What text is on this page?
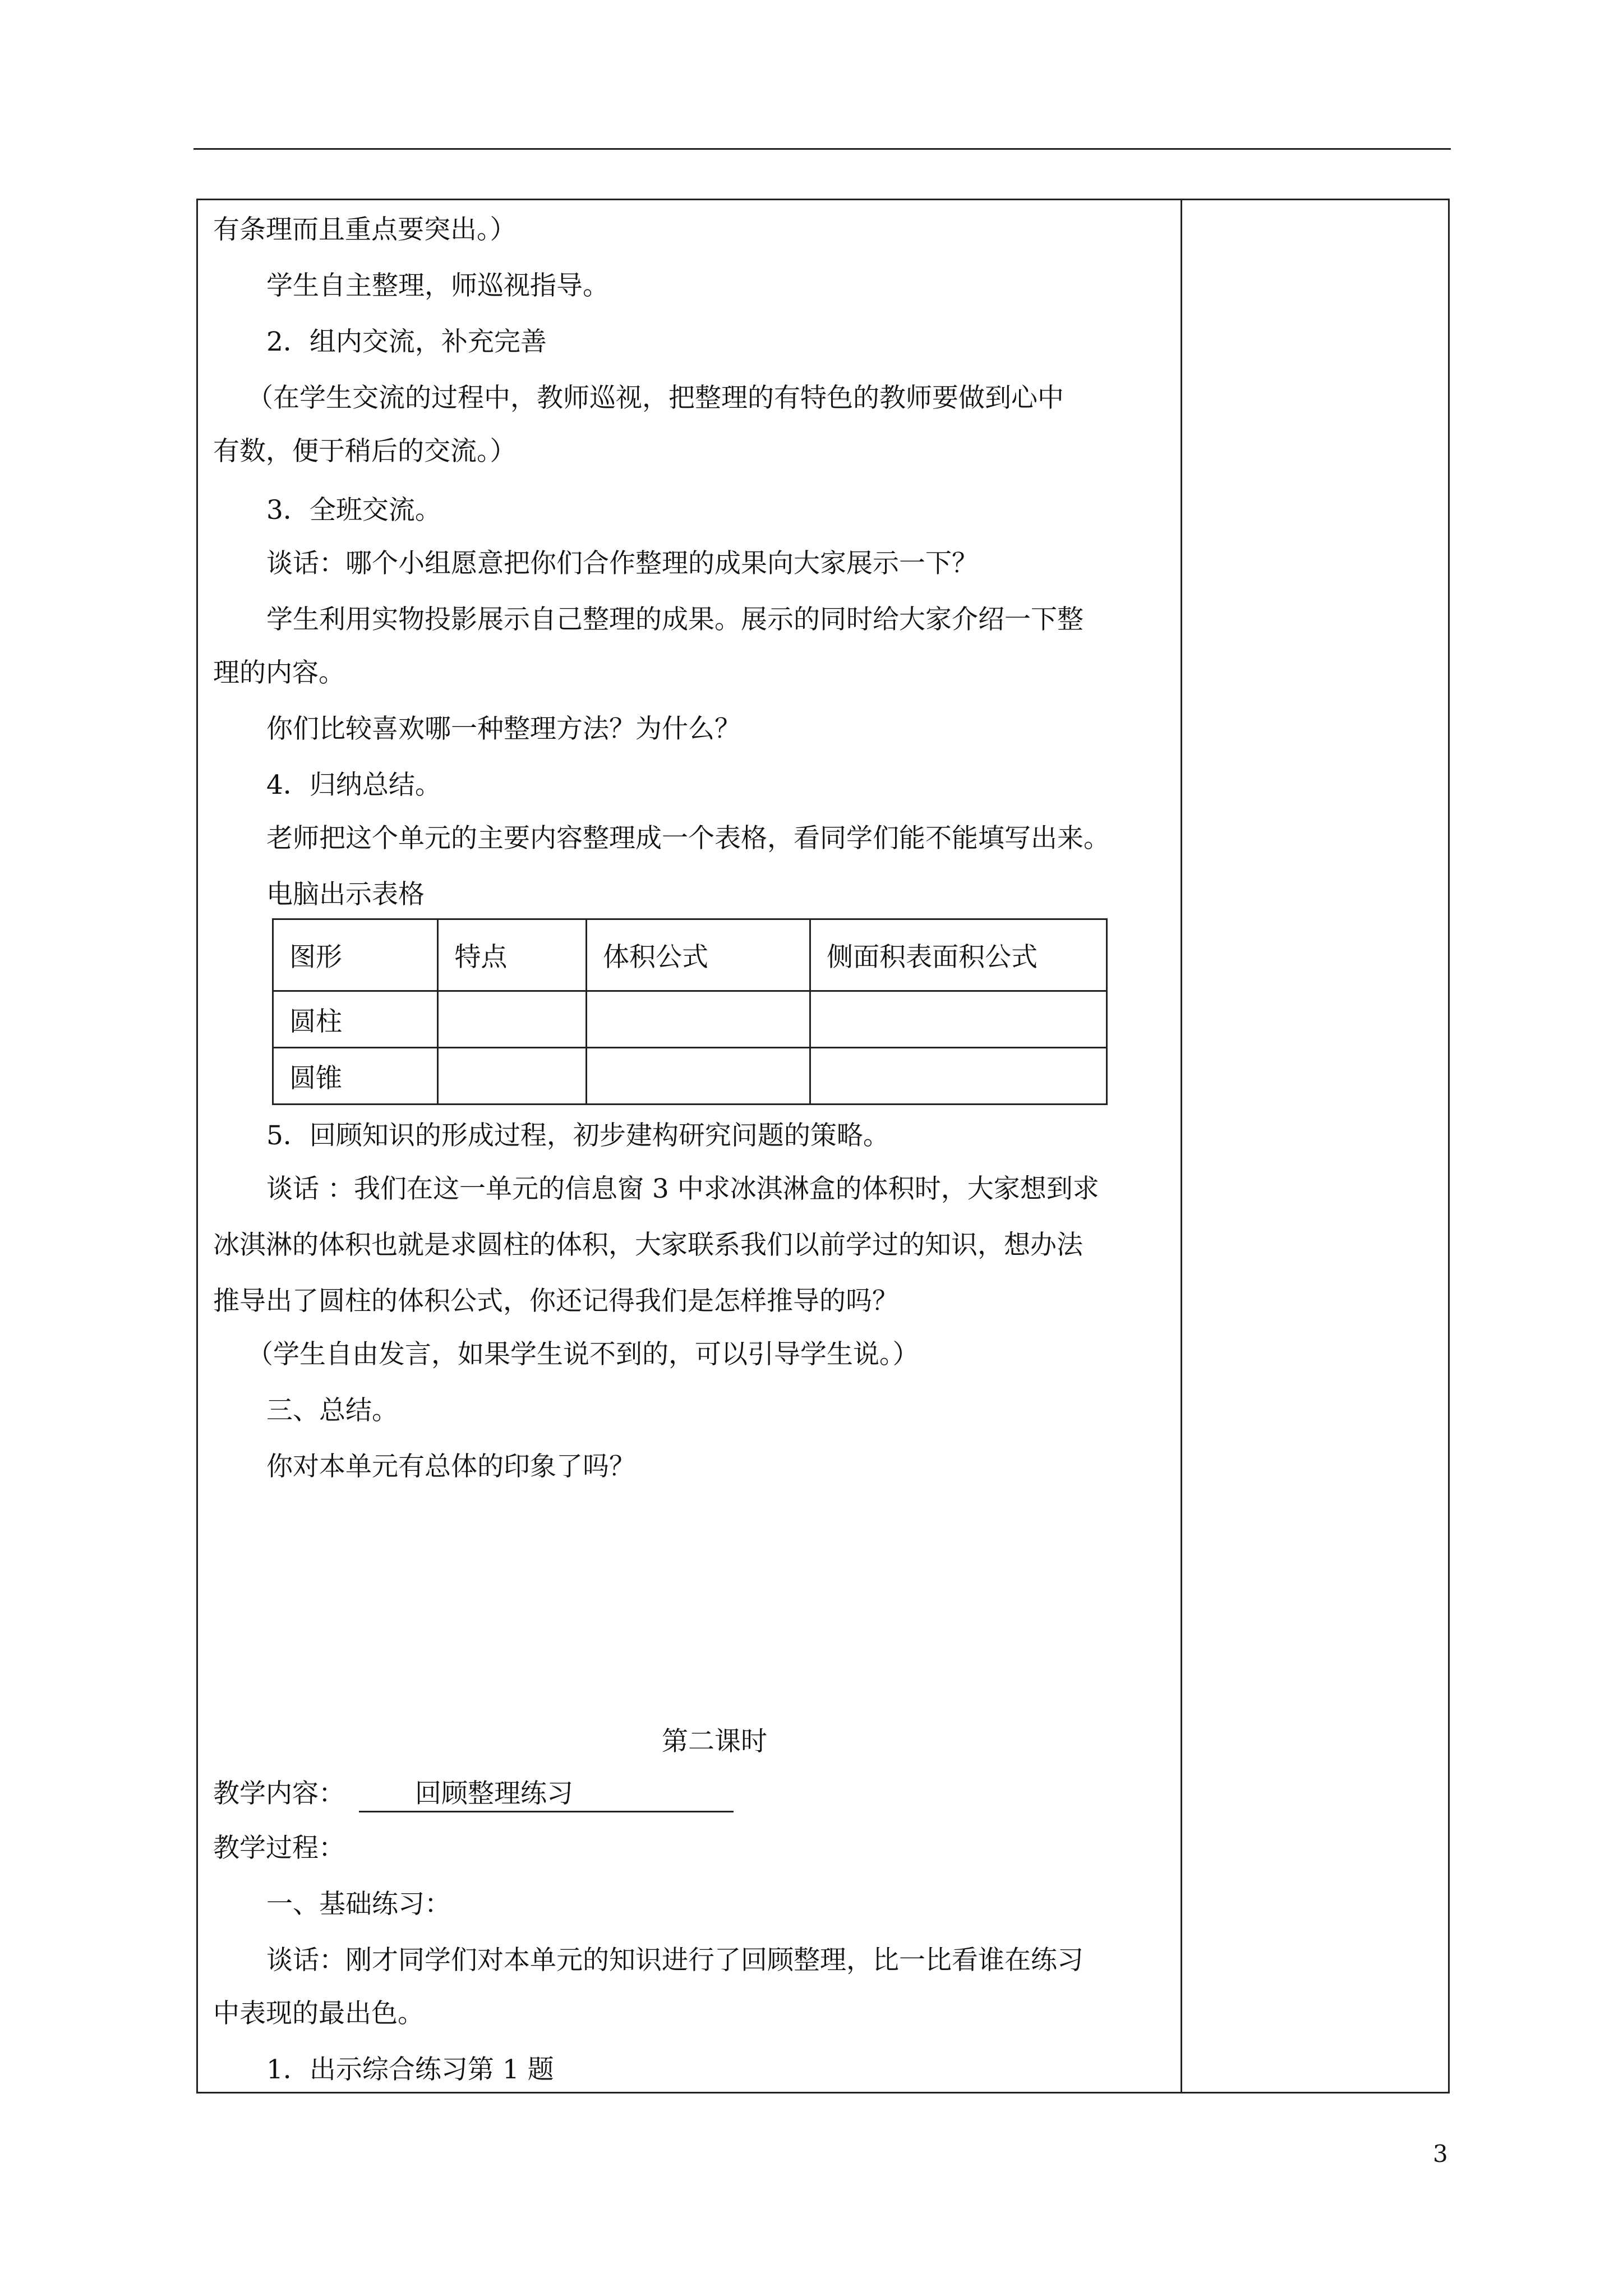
有条理而且重点要突出。）
学生自主整理，师巡视指导。
2．组内交流，补充完善
（在学生交流的过程中，教师巡视，把整理的有特色的教师要做到心中
有数，便于稍后的交流。）
3．全班交流。
谈话：哪个小组愿意把你们合作整理的成果向大家展示一下？
学生利用实物投影展示自己整理的成果。展示的同时给大家介绍一下整
理的内容。
你们比较喜欢哪一种整理方法？为什么？
4．归纳总结。
老师把这个单元的主要内容整理成一个表格，看同学们能不能填写出来。
电脑出示表格
图形	特点	体积公式	侧面积表面积公式
圆柱			
圆锥			
5．回顾知识的形成过程，初步建构研究问题的策略。
谈话 ：我们在这一单元的信息窗 3 中求冰淇淋盒的体积时，大家想到求
冰淇淋的体积也就是求圆柱的体积，大家联系我们以前学过的知识，想办法
推导出了圆柱的体积公式，你还记得我们是怎样推导的吗？
（学生自由发言，如果学生说不到的，可以引导学生说。）
三、总结。
你对本单元有总体的印象了吗？
第二课时
教学内容：	回顾整理练习
教学过程：
一、基础练习：
谈话：刚才同学们对本单元的知识进行了回顾整理，比一比看谁在练习
中表现的最出色。
1．出示综合练习第 1 题
3
